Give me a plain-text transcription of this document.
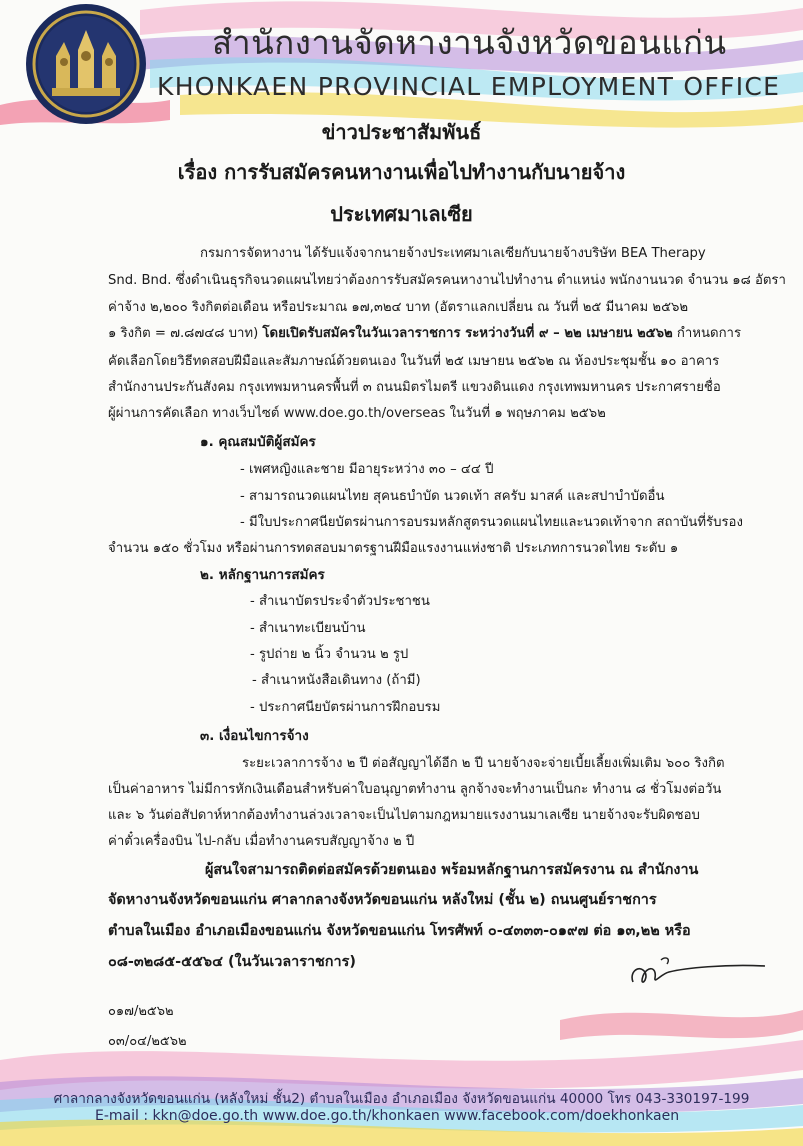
สำนักงานจัดหางานจังหวัดขอนแก่น
KHONKAEN PROVINCIAL EMPLOYMENT OFFICE
ข่าวประชาสัมพันธ์
เรื่อง การรับสมัครคนหางานเพื่อไปทำงานกับนายจ้าง
ประเทศมาเลเซีย
กรมการจัดหางาน ได้รับแจ้งจากนายจ้างประเทศมาเลเซียกับนายจ้างบริษัท BEA Therapy
Snd. Bnd. ซึ่งดำเนินธุรกิจนวดแผนไทยว่าต้องการรับสมัครคนหางานไปทำงาน ตำแหน่ง พนักงานนวด จำนวน ๑๘ อัตรา
ค่าจ้าง ๒,๒๐๐ ริงกิตต่อเดือน หรือประมาณ ๑๗,๓๒๔ บาท (อัตราแลกเปลี่ยน ณ วันที่ ๒๕ มีนาคม ๒๕๖๒
๑ ริงกิต = ๗.๘๗๔๘ บาท) โดยเปิดรับสมัครในวันเวลาราชการ ระหว่างวันที่ ๙ – ๒๒ เมษายน ๒๕๖๒ กำหนดการ
คัดเลือกโดยวิธีทดสอบฝีมือและสัมภาษณ์ด้วยตนเอง ในวันที่ ๒๕ เมษายน ๒๕๖๒ ณ ห้องประชุมชั้น ๑๐ อาคาร
สำนักงานประกันสังคม กรุงเทพมหานครพื้นที่ ๓ ถนนมิตรไมตรี แขวงดินแดง กรุงเทพมหานคร ประกาศรายชื่อ
ผู้ผ่านการคัดเลือก ทางเว็บไซต์ www.doe.go.th/overseas ในวันที่ ๑ พฤษภาคม ๒๕๖๒
๑. คุณสมบัติผู้สมัคร
- เพศหญิงและชาย มีอายุระหว่าง ๓๐ – ๔๔ ปี
- สามารถนวดแผนไทย สุคนธบำบัด นวดเท้า สครับ มาสค์ และสปาบำบัดอื่น
- มีใบประกาศนียบัตรผ่านการอบรมหลักสูตรนวดแผนไทยและนวดเท้าจาก สถาบันที่รับรอง
จำนวน ๑๕๐ ชั่วโมง หรือผ่านการทดสอบมาตรฐานฝีมือแรงงานแห่งชาติ ประเภทการนวดไทย ระดับ ๑
๒. หลักฐานการสมัคร
- สำเนาบัตรประจำตัวประชาชน
- สำเนาทะเบียนบ้าน
- รูปถ่าย ๒ นิ้ว จำนวน ๒ รูป
- สำเนาหนังสือเดินทาง (ถ้ามี)
- ประกาศนียบัตรผ่านการฝึกอบรม
๓. เงื่อนไขการจ้าง
ระยะเวลาการจ้าง ๒ ปี ต่อสัญญาได้อีก ๒ ปี นายจ้างจะจ่ายเบี้ยเลี้ยงเพิ่มเติม ๖๐๐ ริงกิต
เป็นค่าอาหาร ไม่มีการหักเงินเดือนสำหรับค่าใบอนุญาตทำงาน ลูกจ้างจะทำงานเป็นกะ ทำงาน ๘ ชั่วโมงต่อวัน
และ ๖ วันต่อสัปดาห์หากต้องทำงานล่วงเวลาจะเป็นไปตามกฎหมายแรงงานมาเลเซีย นายจ้างจะรับผิดชอบ
ค่าตั๋วเครื่องบิน ไป-กลับ เมื่อทำงานครบสัญญาจ้าง ๒ ปี
ผู้สนใจสามารถติดต่อสมัครด้วยตนเอง พร้อมหลักฐานการสมัครงาน ณ สำนักงาน
จัดหางานจังหวัดขอนแก่น ศาลากลางจังหวัดขอนแก่น หลังใหม่ (ชั้น ๒) ถนนศูนย์ราชการ
ตำบลในเมือง อำเภอเมืองขอนแก่น จังหวัดขอนแก่น โทรศัพท์ ๐-๔๓๓๓-๐๑๙๗ ต่อ ๑๓,๒๒ หรือ
๐๘-๓๒๘๕-๕๕๖๔ (ในวันเวลาราชการ)
๐๑๗/๒๕๖๒
๐๓/๐๔/๒๕๖๒
ศาลากลางจังหวัดขอนแก่น (หลังใหม่ ชั้น2) ตำบลในเมือง อำเภอเมือง จังหวัดขอนแก่น 40000 โทร 043-330197-199
E-mail : kkn@doe.go.th www.doe.go.th/khonkaen www.facebook.com/doekhonkaen
